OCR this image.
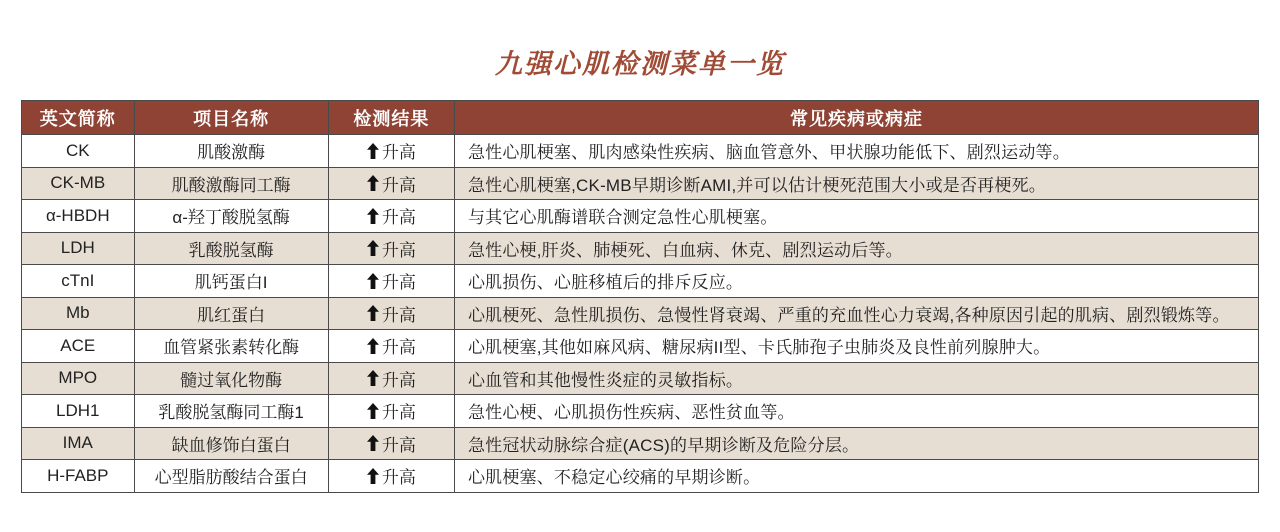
九强心肌检测菜单一览
英文简称	项目名称	检测结果	常见疾病或病症
CK	肌酸激酶	升高	急性心肌梗塞、肌肉感染性疾病、脑血管意外、甲状腺功能低下、剧烈运动等。
CK-MB	肌酸激酶同工酶	升高	急性心肌梗塞,CK-MB早期诊断AMI,并可以估计梗死范围大小或是否再梗死。
α-HBDH	α-羟丁酸脱氢酶	升高	与其它心肌酶谱联合测定急性心肌梗塞。
LDH	乳酸脱氢酶	升高	急性心梗,肝炎、肺梗死、白血病、休克、剧烈运动后等。
cTnI	肌钙蛋白I	升高	心肌损伤、心脏移植后的排斥反应。
Mb	肌红蛋白	升高	心肌梗死、急性肌损伤、急慢性肾衰竭、严重的充血性心力衰竭,各种原因引起的肌病、剧烈锻炼等。
ACE	血管紧张素转化酶	升高	心肌梗塞,其他如麻风病、糖尿病II型、卡氏肺孢子虫肺炎及良性前列腺肿大。
MPO	髓过氧化物酶	升高	心血管和其他慢性炎症的灵敏指标。
LDH1	乳酸脱氢酶同工酶1	升高	急性心梗、心肌损伤性疾病、恶性贫血等。
IMA	缺血修饰白蛋白	升高	急性冠状动脉综合症(ACS)的早期诊断及危险分层。
H-FABP	心型脂肪酸结合蛋白	升高	心肌梗塞、不稳定心绞痛的早期诊断。
